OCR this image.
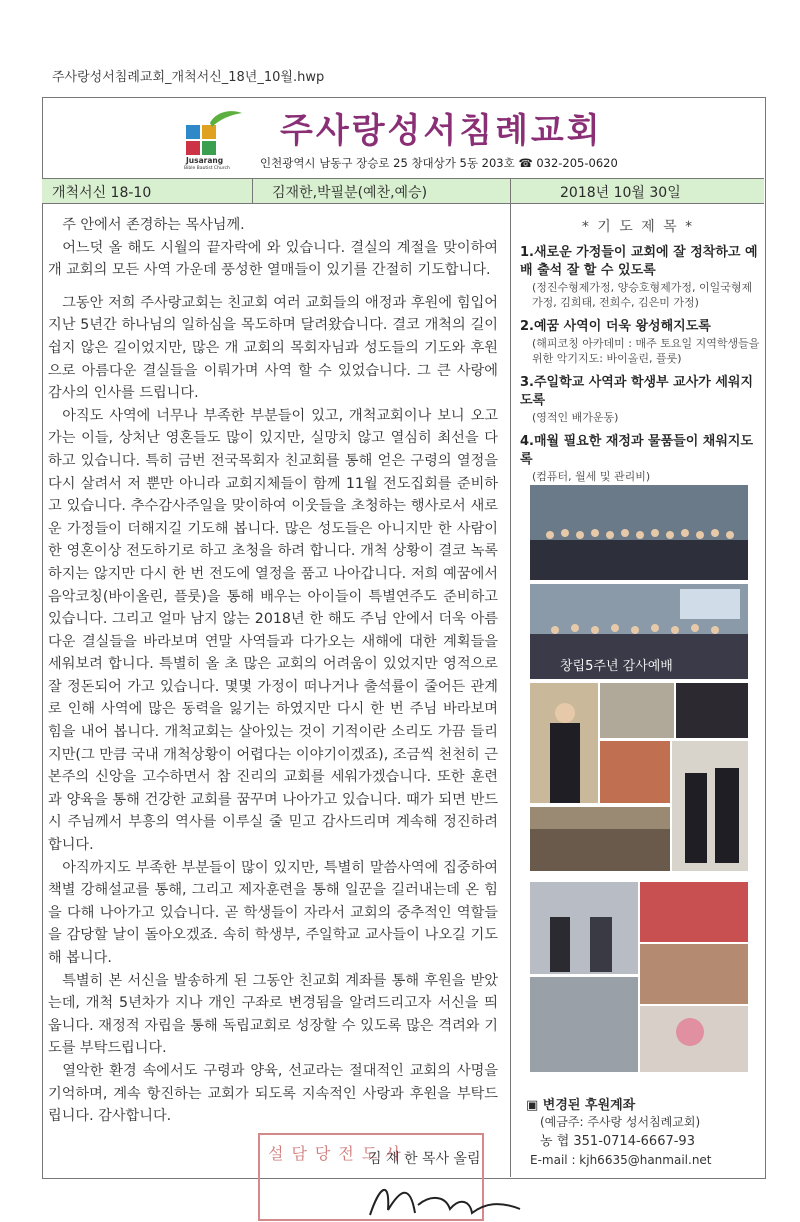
주사랑성서침례교회_개척서신_18년_10월.hwp
Jusarang
Bible Baptist Church
주사랑성서침례교회
인천광역시 남동구 장승로 25 창대상가 5동 203호 ☎ 032-205-0620
개척서신 18-10	김재한,박필분(예찬,예승)	2018년 10월 30일

주 안에서 존경하는 목사님께.

어느덧 올 해도 시월의 끝자락에 와 있습니다. 결실의 계절을 맞이하여 개 교회의 모든 사역 가운데 풍성한 열매들이 있기를 간절히 기도합니다.

그동안 저희 주사랑교회는 친교회 여러 교회들의 애정과 후원에 힘입어 지난 5년간 하나님의 일하심을 목도하며 달려왔습니다. 결코 개척의 길이 쉽지 않은 길이었지만, 많은 개 교회의 목회자님과 성도들의 기도와 후원으로 아름다운 결실들을 이뤄가며 사역 할 수 있었습니다. 그 큰 사랑에 감사의 인사를 드립니다.

아직도 사역에 너무나 부족한 부분들이 있고, 개척교회이나 보니 오고가는 이들, 상처난 영혼들도 많이 있지만, 실망치 않고 열심히 최선을 다하고 있습니다. 특히 금번 전국목회자 친교회를 통해 얻은 구령의 열정을 다시 살려서 저 뿐만 아니라 교회지체들이 함께 11월 전도집회를 준비하고 있습니다. 추수감사주일을 맞이하여 이웃들을 초청하는 행사로서 새로운 가정들이 더해지길 기도해 봅니다. 많은 성도들은 아니지만 한 사람이 한 영혼이상 전도하기로 하고 초청을 하려 합니다. 개척 상황이 결코 녹록하지는 않지만 다시 한 번 전도에 열정을 품고 나아갑니다. 저희 예꿈에서 음악코칭(바이올린, 플룻)을 통해 배우는 아이들이 특별연주도 준비하고 있습니다. 그리고 얼마 남지 않는 2018년 한 해도 주님 안에서 더욱 아름다운 결실들을 바라보며 연말 사역들과 다가오는 새해에 대한 계획들을 세워보려 합니다. 특별히 올 초 많은 교회의 어려움이 있었지만 영적으로 잘 정돈되어 가고 있습니다. 몇몇 가정이 떠나거나 출석률이 줄어든 관계로 인해 사역에 많은 동력을 잃기는 하였지만 다시 한 번 주님 바라보며 힘을 내어 봅니다. 개척교회는 살아있는 것이 기적이란 소리도 가끔 들리지만(그 만큼 국내 개척상황이 어렵다는 이야기이겠죠), 조금씩 천천히 근본주의 신앙을 고수하면서 참 진리의 교회를 세워가겠습니다. 또한 훈련과 양육을 통해 건강한 교회를 꿈꾸며 나아가고 있습니다. 때가 되면 반드시 주님께서 부흥의 역사를 이루실 줄 믿고 감사드리며 계속해 정진하려 합니다.

아직까지도 부족한 부분들이 많이 있지만, 특별히 말씀사역에 집중하여 책별 강해설교를 통해, 그리고 제자훈련을 통해 일꾼을 길러내는데 온 힘을 다해 나아가고 있습니다. 곧 학생들이 자라서 교회의 중추적인 역할들을 감당할 날이 돌아오겠죠. 속히 학생부, 주일학교 교사들이 나오길 기도해 봅니다.

특별히 본 서신을 발송하게 된 그동안 친교회 계좌를 통해 후원을 받았는데, 개척 5년차가 지나 개인 구좌로 변경됨을 알려드리고자 서신을 띄웁니다. 재정적 자립을 통해 독립교회로 성장할 수 있도록 많은 격려와 기도를 부탁드립니다.

열악한 환경 속에서도 구령과 양육, 선교라는 절대적인 교회의 사명을 기억하며, 계속 항진하는 교회가 되도록 지속적인 사랑과 후원을 부탁드립니다. 감사합니다.

설담당전도사
김 재 한 목사 올림
* 기 도 제 목 *
1.새로운 가정들이 교회에 잘 정착하고 예배 출석 잘 할 수 있도록
(정진수형제가정, 양승호형제가정, 이일국형제가정, 김희태, 전희수, 김은미 가정)
2.예꿈 사역이 더욱 왕성해지도록
(해피코칭 아카데미 : 매주 토요일 지역학생들을 위한 악기지도: 바이올린, 플룻)
3.주일학교 사역과 학생부 교사가 세워지도록
(영적인 배가운동)
4.매월 필요한 재정과 물품들이 채워지도록
(컴퓨터, 월세 및 관리비)
창립5주년 감사예배
▣ 변경된 후원계좌
(예금주: 주사랑 성서침례교회)
농 협 351-0714-6667-93
E-mail : kjh6635@hanmail.net
